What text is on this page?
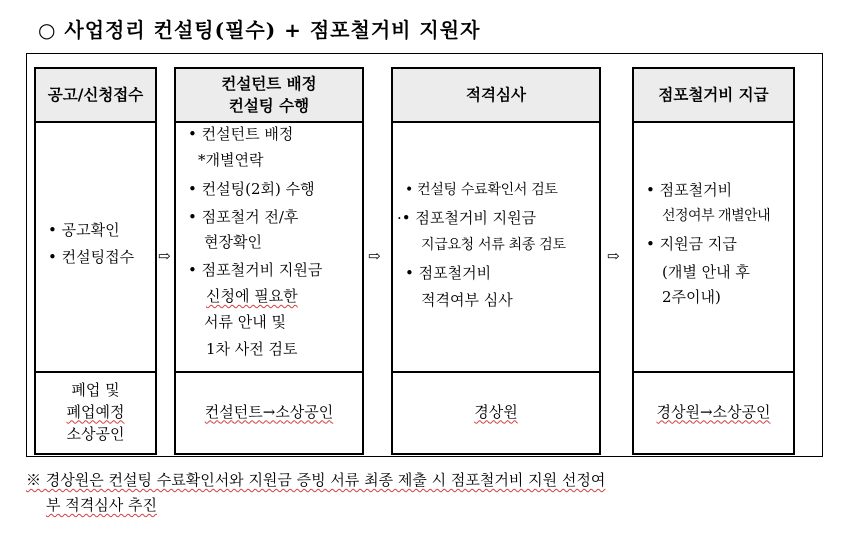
○ 사업정리 컨설팅(필수) + 점포철거비 지원자
공고/신청접수
• 공고확인
• 컨설팅접수
폐업 및
폐업예정
소상공인
⇨
컨설턴트 배정
컨설팅 수행
• 컨설턴트 배정
*개별연락
• 컨설팅(2회) 수행
• 점포철거 전/후
현장확인
• 점포철거비 지원금
신청에 필요한
서류 안내 및
1차 사전 검토
컨설턴트→소상공인
⇨
적격심사
• 컨설팅 수료확인서 검토
·• 점포철거비 지원금
지급요청 서류 최종 검토
• 점포철거비
적격여부 심사
경상원
⇨
점포철거비 지급
• 점포철거비
선정여부 개별안내
• 지원금 지급
(개별 안내 후
2주이내)
경상원→소상공인
※ 경상원은 컨설팅 수료확인서와 지원금 증빙 서류 최종 제출 시 점포철거비 지원 선정여
부 적격심사 추진
